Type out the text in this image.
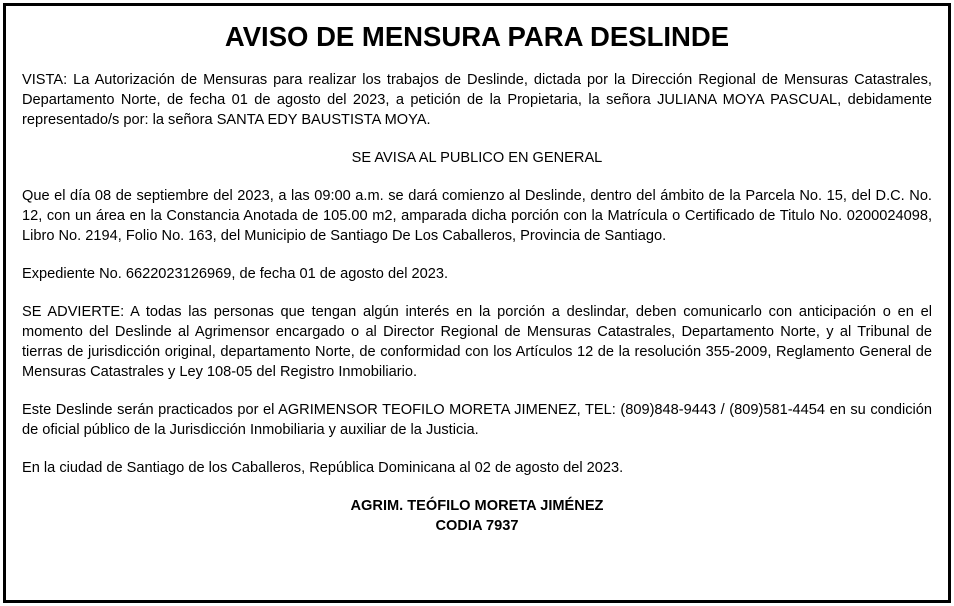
AVISO DE MENSURA PARA DESLINDE

VISTA: La Autorización de Mensuras para realizar los trabajos de Deslinde, dictada por la Dirección Regional de Mensuras Catastrales, Departamento Norte, de fecha 01 de agosto del 2023, a petición de la Propietaria, la señora JULIANA MOYA PASCUAL, debidamente representado/s por: la señora SANTA EDY BAUSTISTA MOYA.

SE AVISA AL PUBLICO EN GENERAL

Que el día 08 de septiembre del 2023, a las 09:00 a.m. se dará comienzo al Deslinde, dentro del ámbito de la Parcela No. 15, del D.C. No. 12, con un área en la Constancia Anotada de 105.00 m2, amparada dicha porción con la Matrícula o Certificado de Titulo No. 0200024098, Libro No. 2194, Folio No. 163, del Municipio de Santiago De Los Caballeros, Provincia de Santiago.

Expediente No. 6622023126969, de fecha 01 de agosto del 2023.

SE ADVIERTE: A todas las personas que tengan algún interés en la porción a deslindar, deben comunicarlo con anticipación o en el momento del Deslinde al Agrimensor encargado o al Director Regional de Mensuras Catastrales, Departamento Norte, y al Tribunal de tierras de jurisdicción original, departamento Norte, de conformidad con los Artículos 12 de la resolución 355-2009, Reglamento General de Mensuras Catastrales y Ley 108-05 del Registro Inmobiliario.

Este Deslinde serán practicados por el AGRIMENSOR TEOFILO MORETA JIMENEZ, TEL: (809)848-9443 / (809)581-4454 en su condición de oficial público de la Jurisdicción Inmobiliaria y auxiliar de la Justicia.

En la ciudad de Santiago de los Caballeros, República Dominicana al 02 de agosto del 2023.

AGRIM. TEÓFILO MORETA JIMÉNEZ
CODIA 7937
